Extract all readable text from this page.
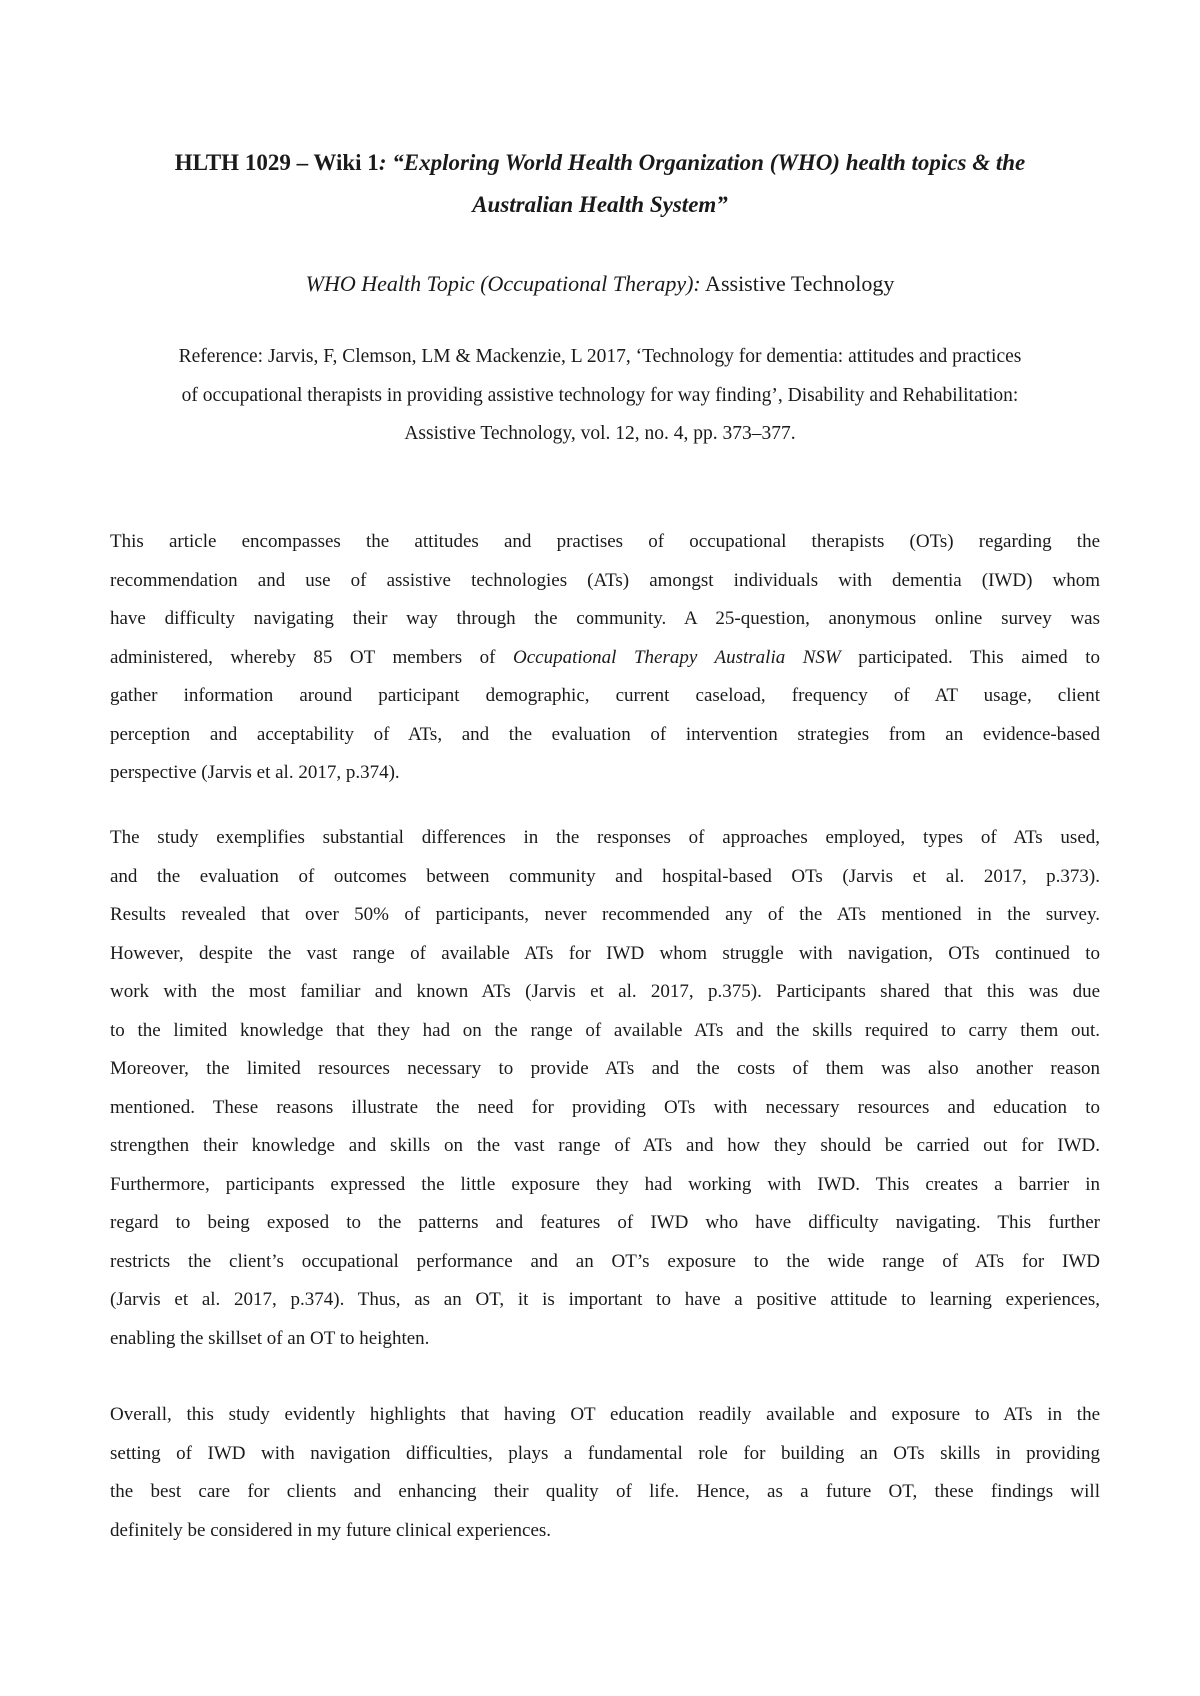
HLTH 1029 – Wiki 1: “Exploring World Health Organization (WHO) health topics & the
Australian Health System”
WHO Health Topic (Occupational Therapy): Assistive Technology
Reference: Jarvis, F, Clemson, LM & Mackenzie, L 2017, ‘Technology for dementia: attitudes and practices
of occupational therapists in providing assistive technology for way finding’, Disability and Rehabilitation:
Assistive Technology, vol. 12, no. 4, pp. 373–377.
This article encompasses the attitudes and practises of occupational therapists (OTs) regarding the
recommendation and use of assistive technologies (ATs) amongst individuals with dementia (IWD) whom
have difficulty navigating their way through the community. A 25-question, anonymous online survey was
administered, whereby 85 OT members of Occupational Therapy Australia NSW participated. This aimed to
gather information around participant demographic, current caseload, frequency of AT usage, client
perception and acceptability of ATs, and the evaluation of intervention strategies from an evidence-based
perspective (Jarvis et al. 2017, p.374).
The study exemplifies substantial differences in the responses of approaches employed, types of ATs used,
and the evaluation of outcomes between community and hospital-based OTs (Jarvis et al. 2017, p.373).
Results revealed that over 50% of participants, never recommended any of the ATs mentioned in the survey.
However, despite the vast range of available ATs for IWD whom struggle with navigation, OTs continued to
work with the most familiar and known ATs (Jarvis et al. 2017, p.375). Participants shared that this was due
to the limited knowledge that they had on the range of available ATs and the skills required to carry them out.
Moreover, the limited resources necessary to provide ATs and the costs of them was also another reason
mentioned. These reasons illustrate the need for providing OTs with necessary resources and education to
strengthen their knowledge and skills on the vast range of ATs and how they should be carried out for IWD.
Furthermore, participants expressed the little exposure they had working with IWD. This creates a barrier in
regard to being exposed to the patterns and features of IWD who have difficulty navigating. This further
restricts the client’s occupational performance and an OT’s exposure to the wide range of ATs for IWD
(Jarvis et al. 2017, p.374). Thus, as an OT, it is important to have a positive attitude to learning experiences,
enabling the skillset of an OT to heighten.
Overall, this study evidently highlights that having OT education readily available and exposure to ATs in the
setting of IWD with navigation difficulties, plays a fundamental role for building an OTs skills in providing
the best care for clients and enhancing their quality of life. Hence, as a future OT, these findings will
definitely be considered in my future clinical experiences.
